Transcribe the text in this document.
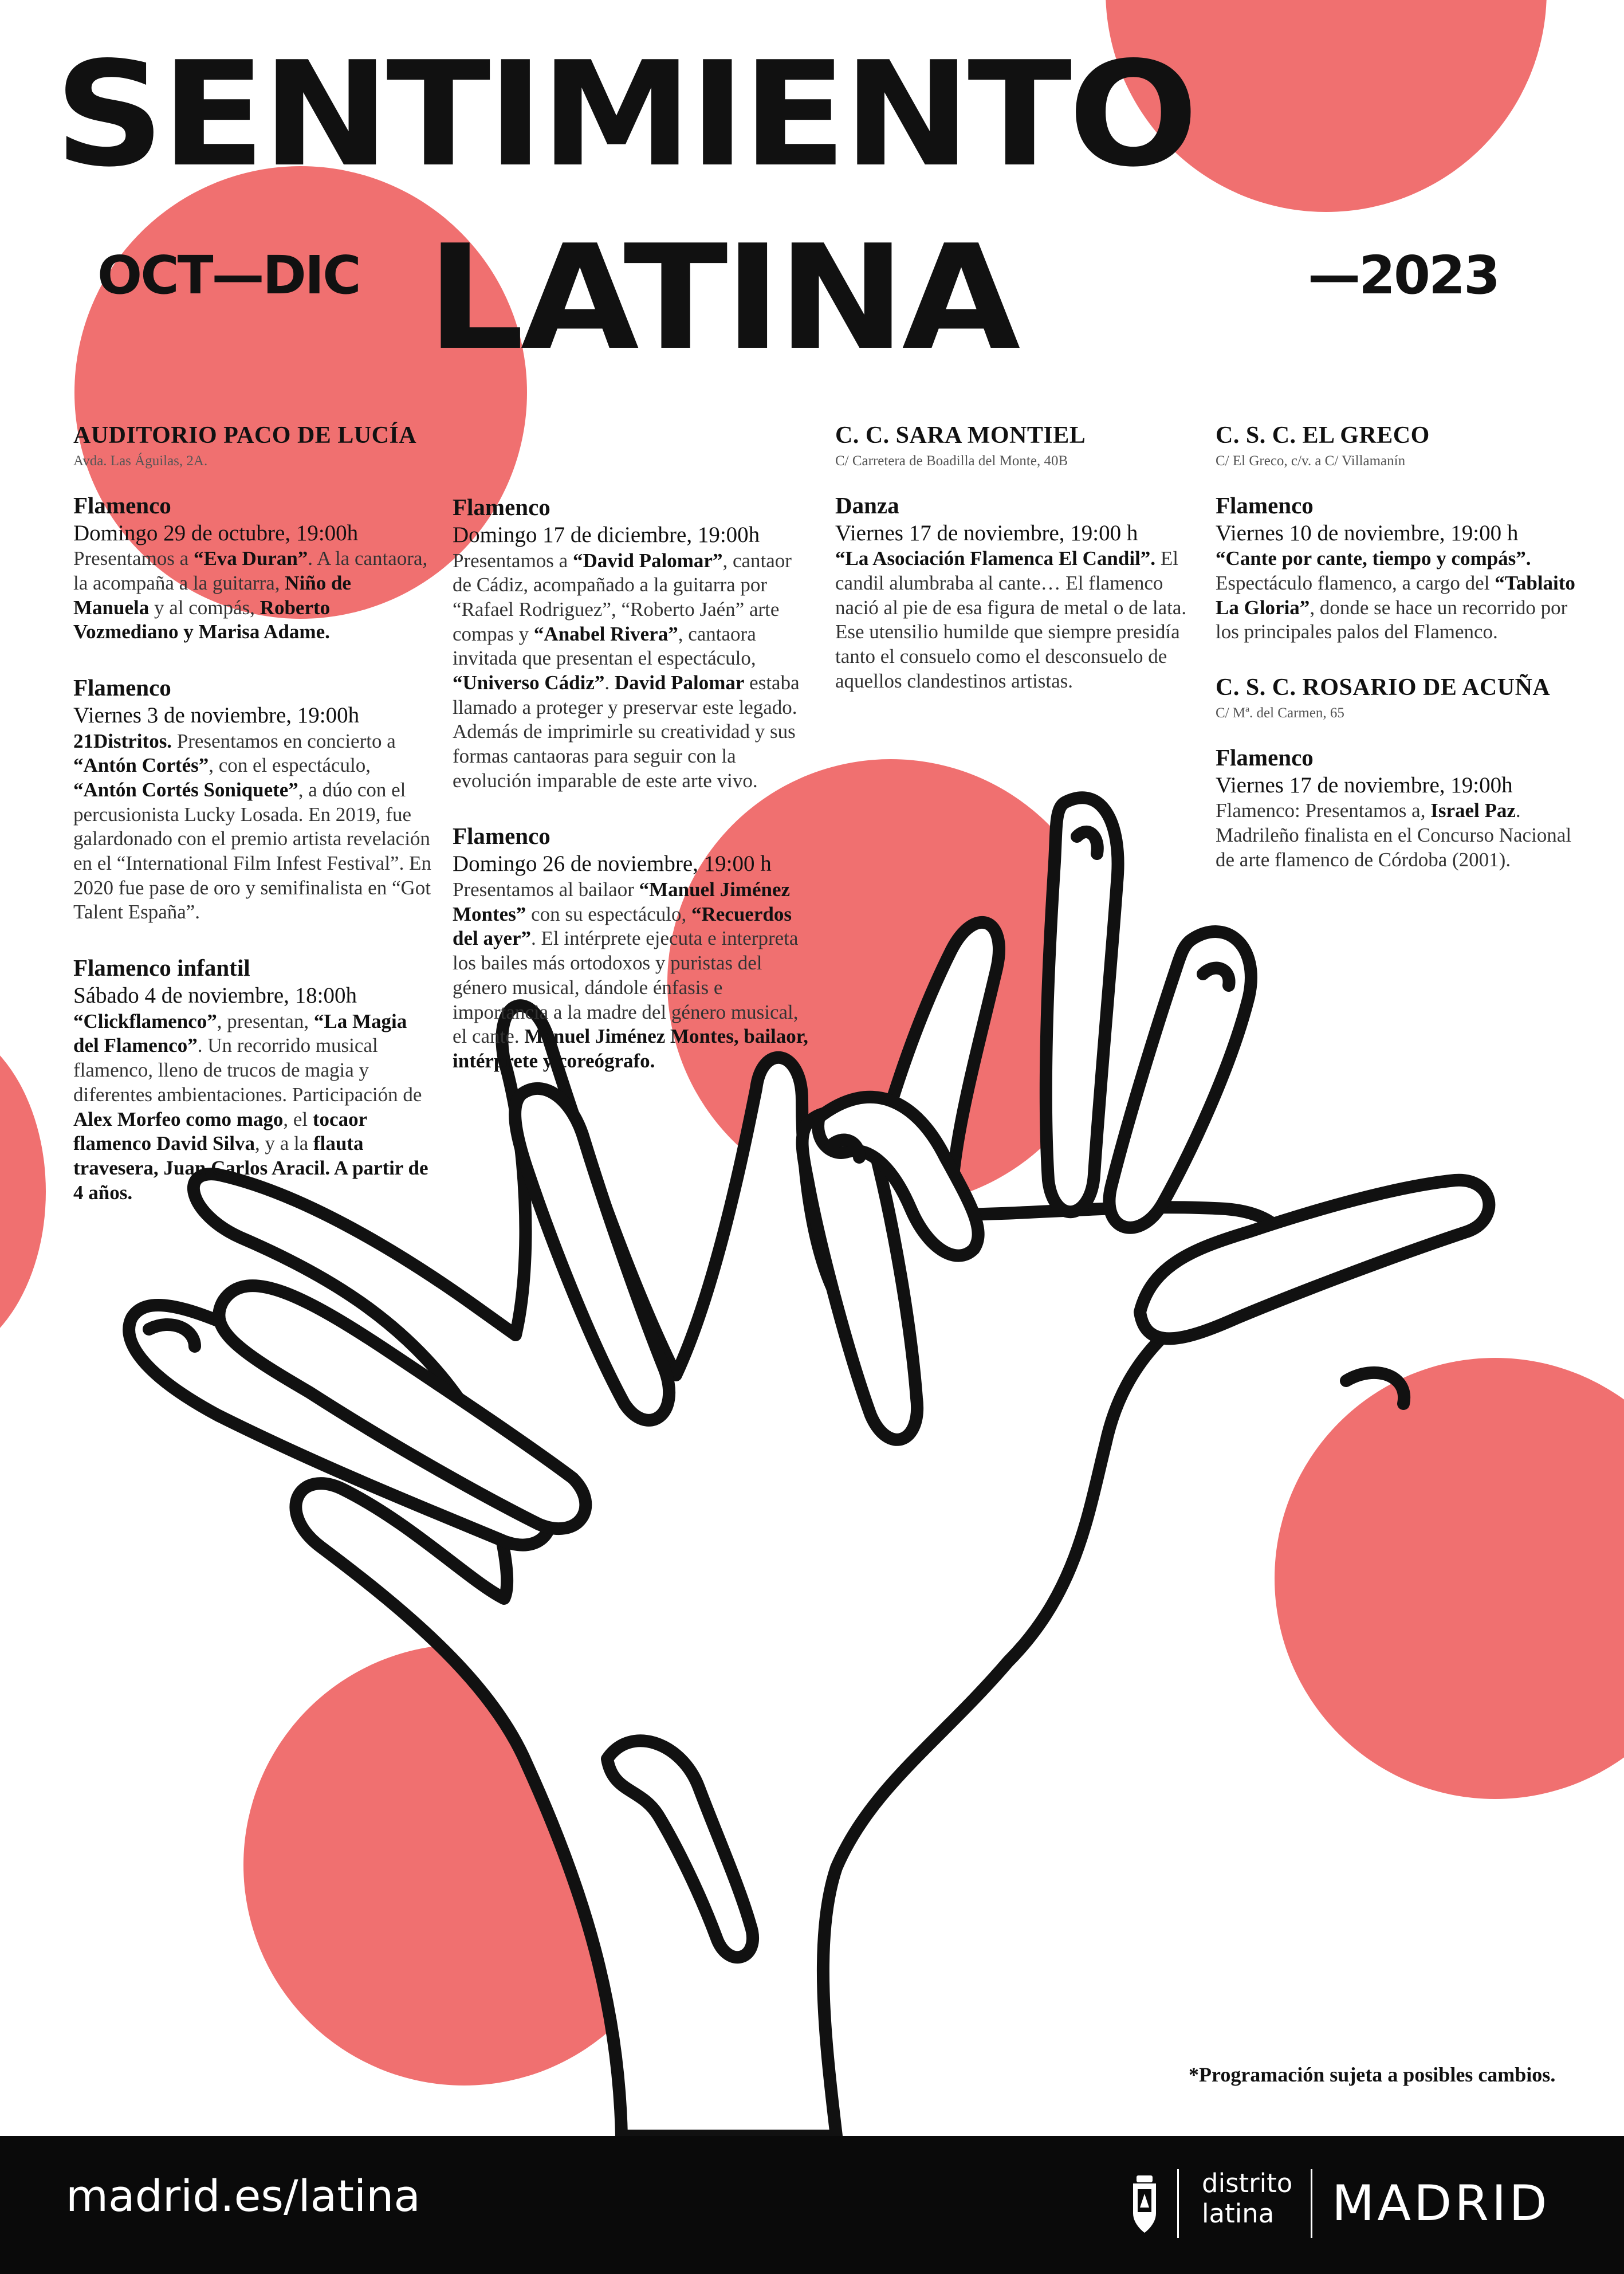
SENTIMIENTO
LATINA
OCT—DIC	—2023

AUDITORIO PACO DE LUCÍA

Avda. Las Águilas, 2A.

Flamenco
Domingo 29 de octubre, 19:00h
Presentamos a “Eva Duran”. A la cantaora, la acompaña a la guitarra, Niño de Manuela y al compás, Roberto Vozmediano y Marisa Adame.
Flamenco
Viernes 3 de noviembre, 19:00h
21Distritos. Presentamos en concierto a “Antón Cortés”, con el espectáculo, “Antón Cortés Soniquete”, a dúo con el percusionista Lucky Losada. En 2019, fue galardonado con el premio artista revelación en el “International Film Infest Festival”. En 2020 fue pase de oro y semifinalista en “Got Talent España”.
Flamenco infantil
Sábado 4 de noviembre, 18:00h
“Clickflamenco”, presentan, “La Magia del Flamenco”. Un recorrido musical flamenco, lleno de trucos de magia y diferentes ambientaciones. Participación de Alex Morfeo como mago, el tocaor flamenco David Silva, y a la flauta travesera, Juan Carlos Aracil. A partir de 4 años.
Flamenco
Domingo 17 de diciembre, 19:00h
Presentamos a “David Palomar”, cantaor de Cádiz, acompañado a la guitarra por “Rafael Rodriguez”, “Roberto Jaén” arte compas y “Anabel Rivera”, cantaora invitada que presentan el espectáculo, “Universo Cádiz”. David Palomar estaba llamado a proteger y preservar este legado. Además de imprimirle su creatividad y sus formas cantaoras para seguir con la evolución imparable de este arte vivo.
Flamenco
Domingo 26 de noviembre, 19:00 h
Presentamos al bailaor “Manuel Jiménez Montes” con su espectáculo, “Recuerdos del ayer”. El intérprete ejecuta e interpreta los bailes más ortodoxos y puristas del género musical, dándole énfasis e importancia a la madre del género musical, el cante. Manuel Jiménez Montes, bailaor, intérprete y coreógrafo.

C. C. SARA MONTIEL

C/ Carretera de Boadilla del Monte, 40B

Danza
Viernes 17 de noviembre, 19:00 h
“La Asociación Flamenca El Candil”. El candil alumbraba al cante… El flamenco nació al pie de esa figura de metal o de lata. Ese utensilio humilde que siempre presidía tanto el consuelo como el desconsuelo de aquellos clandestinos artistas.

C. S. C. EL GRECO

C/ El Greco, c/v. a C/ Villamanín

Flamenco
Viernes 10 de noviembre, 19:00 h
“Cante por cante, tiempo y compás”. Espectáculo flamenco, a cargo del “Tablaito La Gloria”, donde se hace un recorrido por los principales palos del Flamenco.

C. S. C. ROSARIO DE ACUÑA

C/ Mª. del Carmen, 65

Flamenco
Viernes 17 de noviembre, 19:00h
Flamenco: Presentamos a, Israel Paz. Madrileño finalista en el Concurso Nacional de arte flamenco de Córdoba (2001).
*Programación sujeta a posibles cambios.
madrid.es/latina	distrito
latina	MADRID
